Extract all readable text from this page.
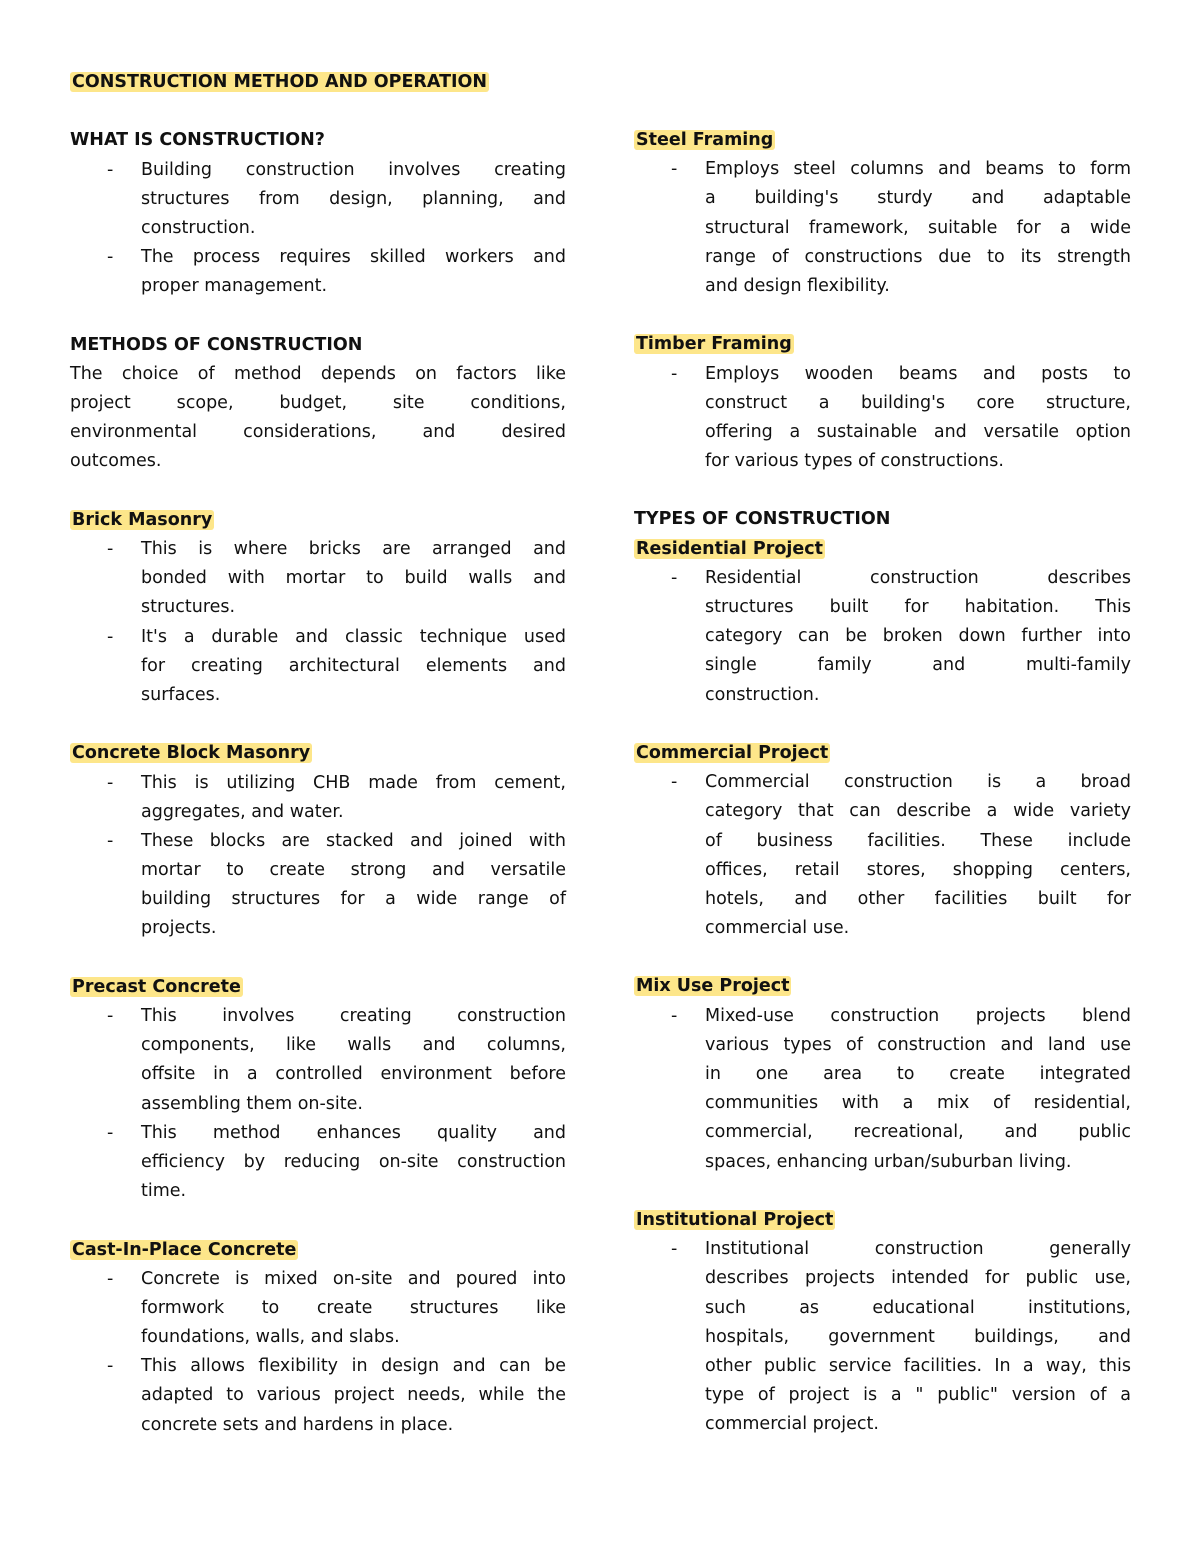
CONSTRUCTION METHOD AND OPERATION
WHAT IS CONSTRUCTION?
- Building construction involves creating
structures from design, planning, and
construction.
- The process requires skilled workers and
proper management.
METHODS OF CONSTRUCTION
The choice of method depends on factors like
project scope, budget, site conditions,
environmental considerations, and desired
outcomes.
Brick Masonry
- This is where bricks are arranged and
bonded with mortar to build walls and
structures.
- It's a durable and classic technique used
for creating architectural elements and
surfaces.
Concrete Block Masonry
- This is utilizing CHB made from cement,
aggregates, and water.
- These blocks are stacked and joined with
mortar to create strong and versatile
building structures for a wide range of
projects.
Precast Concrete
- This involves creating construction
components, like walls and columns,
offsite in a controlled environment before
assembling them on-site.
- This method enhances quality and
efficiency by reducing on-site construction
time.
Cast-In-Place Concrete
- Concrete is mixed on-site and poured into
formwork to create structures like
foundations, walls, and slabs.
- This allows flexibility in design and can be
adapted to various project needs, while the
concrete sets and hardens in place.
Steel Framing
- Employs steel columns and beams to form
a building's sturdy and adaptable
structural framework, suitable for a wide
range of constructions due to its strength
and design flexibility.
Timber Framing
- Employs wooden beams and posts to
construct a building's core structure,
offering a sustainable and versatile option
for various types of constructions.
TYPES OF CONSTRUCTION
Residential Project
- Residential construction describes
structures built for habitation. This
category can be broken down further into
single family and multi-family
construction.
Commercial Project
- Commercial construction is a broad
category that can describe a wide variety
of business facilities. These include
offices, retail stores, shopping centers,
hotels, and other facilities built for
commercial use.
Mix Use Project
- Mixed-use construction projects blend
various types of construction and land use
in one area to create integrated
communities with a mix of residential,
commercial, recreational, and public
spaces, enhancing urban/suburban living.
Institutional Project
- Institutional construction generally
describes projects intended for public use,
such as educational institutions,
hospitals, government buildings, and
other public service facilities. In a way, this
type of project is a " public" version of a
commercial project.
